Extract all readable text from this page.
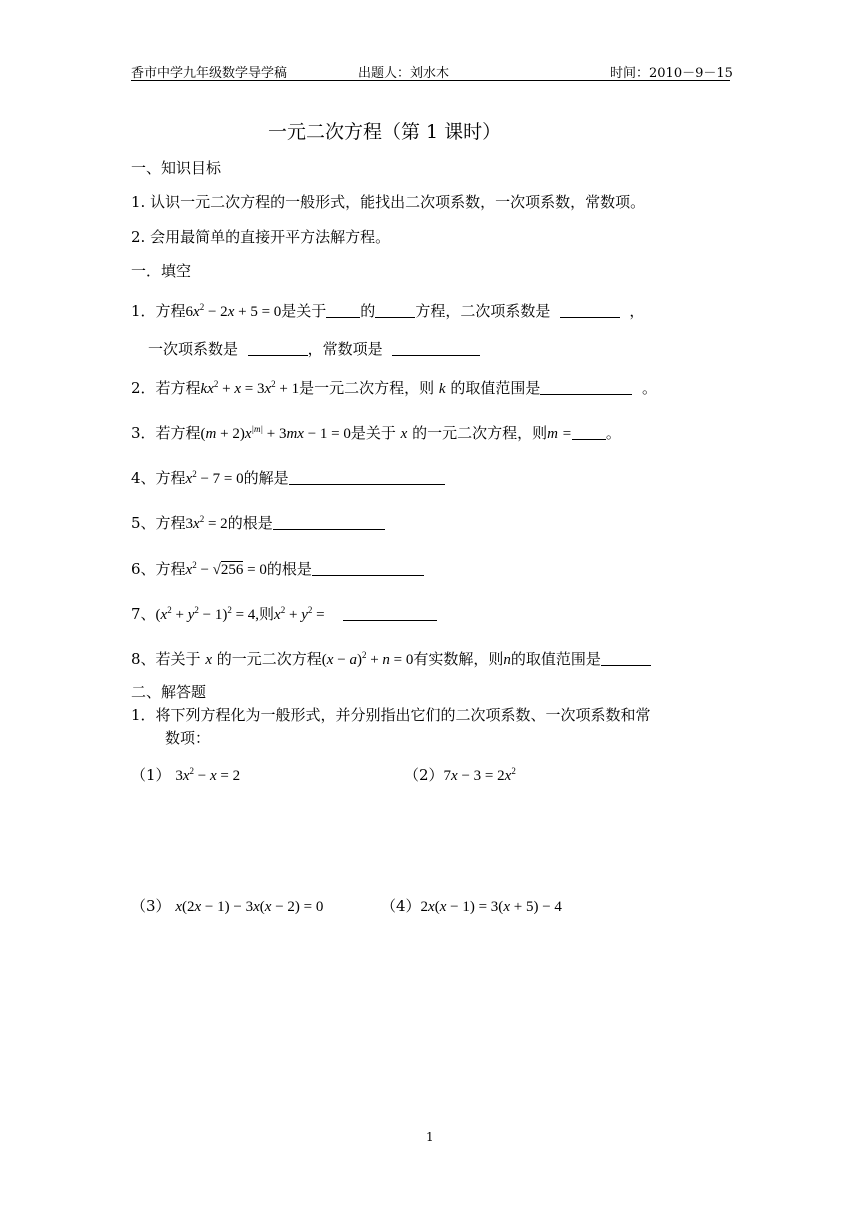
香市中学九年级数学导学稿	出题人：刘水木	时间：2010－9－15
一元二次方程（第 1 课时）
一、知识目标
1. 认识一元二次方程的一般形式，能找出二次项系数，一次项系数，常数项。
2. 会用最简单的直接开平方法解方程。
一．填空
1．方程$6x^2 - 2x + 5 = 0$是关于 的	方程，二次项系数是	，
一次项系数是	，常数项是
2．若方程$kx^2 + x = 3x^2 + 1$是一元二次方程，则 k 的取值范围是	。
3．若方程$(m + 2)x^{|m|} + 3mx - 1 = 0$是关于 x 的一元二次方程，则m = 。
4、方程$x^2 - 7 = 0$的解是
5、方程$3x^2 = 2$的根是
6、方程$x^2 - √256 = 0$的根是
7、$(x^2 + y^2 - 1)^2 = 4$,则$x^2 + y^2$ =
8、若关于 x 的一元二次方程$(x - a)^2 + n = 0$有实数解，则n的取值范围是
二、解答题
1．将下列方程化为一般形式，并分别指出它们的二次项系数、一次项系数和常
数项：
（1） $3x^2 - x = 2$	$(2)7x - 3 = 2x^2$
（3） x(2x − 1) − 3x(x − 2) = 0	（4）2x(x − 1) = 3(x + 5) − 4
1
